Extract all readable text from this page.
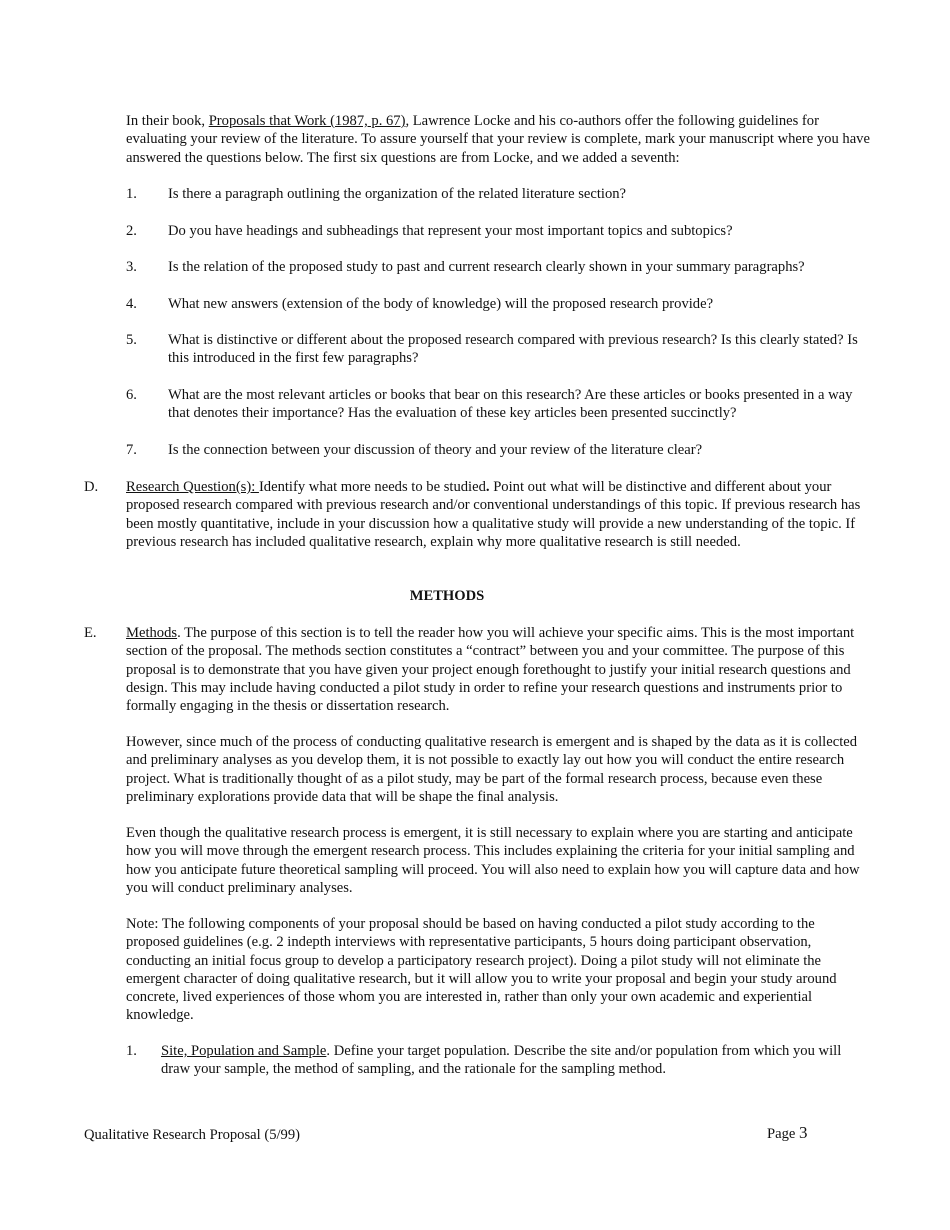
In their book, Proposals that Work (1987, p. 67), Lawrence Locke and his co-authors offer the following guidelines for evaluating your review of the literature. To assure yourself that your review is complete, mark your manuscript where you have answered the questions below. The first six questions are from Locke, and we added a seventh:

1. Is there a paragraph outlining the organization of the related literature section?

2. Do you have headings and subheadings that represent your most important topics and subtopics?

3. Is the relation of the proposed study to past and current research clearly shown in your summary paragraphs?

4. What new answers (extension of the body of knowledge) will the proposed research provide?

5. What is distinctive or different about the proposed research compared with previous research? Is this clearly stated? Is this introduced in the first few paragraphs?

6. What are the most relevant articles or books that bear on this research? Are these articles or books presented in a way that denotes their importance? Has the evaluation of these key articles been presented succinctly?

7. Is the connection between your discussion of theory and your review of the literature clear?

D. Research Question(s): Identify what more needs to be studied. Point out what will be distinctive and different about your proposed research compared with previous research and/or conventional understandings of this topic. If previous research has been mostly quantitative, include in your discussion how a qualitative study will provide a new understanding of the topic. If previous research has included qualitative research, explain why more qualitative research is still needed.

METHODS
E. Methods. The purpose of this section is to tell the reader how you will achieve your specific aims. This is the most important section of the proposal. The methods section constitutes a “contract” between you and your committee. The purpose of this proposal is to demonstrate that you have given your project enough forethought to justify your initial research questions and design. This may include having conducted a pilot study in order to refine your research questions and instruments prior to formally engaging in the thesis or dissertation research.

However, since much of the process of conducting qualitative research is emergent and is shaped by the data as it is collected and preliminary analyses as you develop them, it is not possible to exactly lay out how you will conduct the entire research project. What is traditionally thought of as a pilot study, may be part of the formal research process, because even these preliminary explorations provide data that will be shape the final analysis.

Even though the qualitative research process is emergent, it is still necessary to explain where you are starting and anticipate how you will move through the emergent research process. This includes explaining the criteria for your initial sampling and how you anticipate future theoretical sampling will proceed. You will also need to explain how you will capture data and how you will conduct preliminary analyses.

Note: The following components of your proposal should be based on having conducted a pilot study according to the proposed guidelines (e.g. 2 indepth interviews with representative participants, 5 hours doing participant observation, conducting an initial focus group to develop a participatory research project). Doing a pilot study will not eliminate the emergent character of doing qualitative research, but it will allow you to write your proposal and begin your study around concrete, lived experiences of those whom you are interested in, rather than only your own academic and experiential knowledge.

1. Site, Population and Sample. Define your target population. Describe the site and/or population from which you will draw your sample, the method of sampling, and the rationale for the sampling method.

Qualitative Research Proposal (5/99)	Page 3
